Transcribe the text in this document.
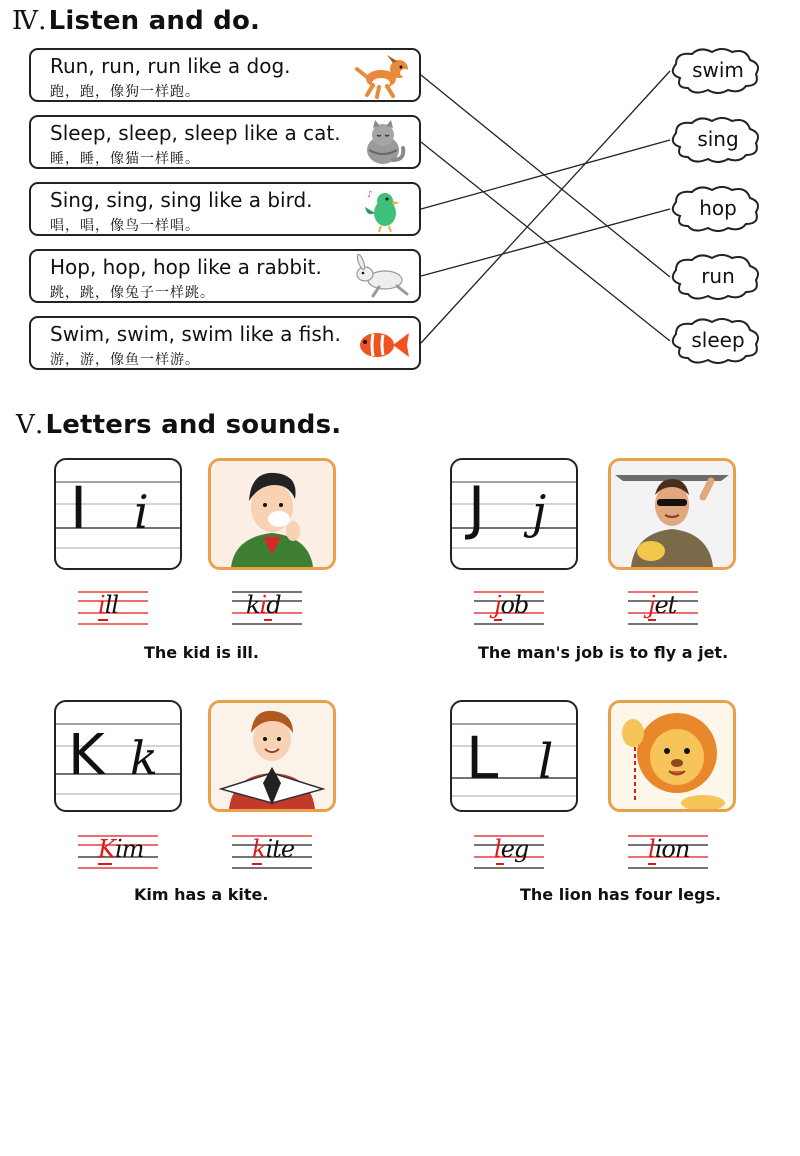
Ⅳ.Listen and do.
Run, run, run like a dog.
跑，跑，像狗一样跑。
Sleep, sleep, sleep like a cat.
睡，睡，像猫一样睡。
Sing, sing, sing like a bird.
唱，唱，像鸟一样唱。
♪
Hop, hop, hop like a rabbit.
跳，跳，像兔子一样跳。
Swim, swim, swim like a fish.
游，游，像鱼一样游。
swim
sing
hop
run
sleep
Ⅴ.Letters and sounds.
I i
ill	kid
The kid is ill.
J j
job	jet
The man's job is to fly a jet.
K k
Kim	kite
Kim has a kite.
L l
leg	lion
The lion has four legs.
